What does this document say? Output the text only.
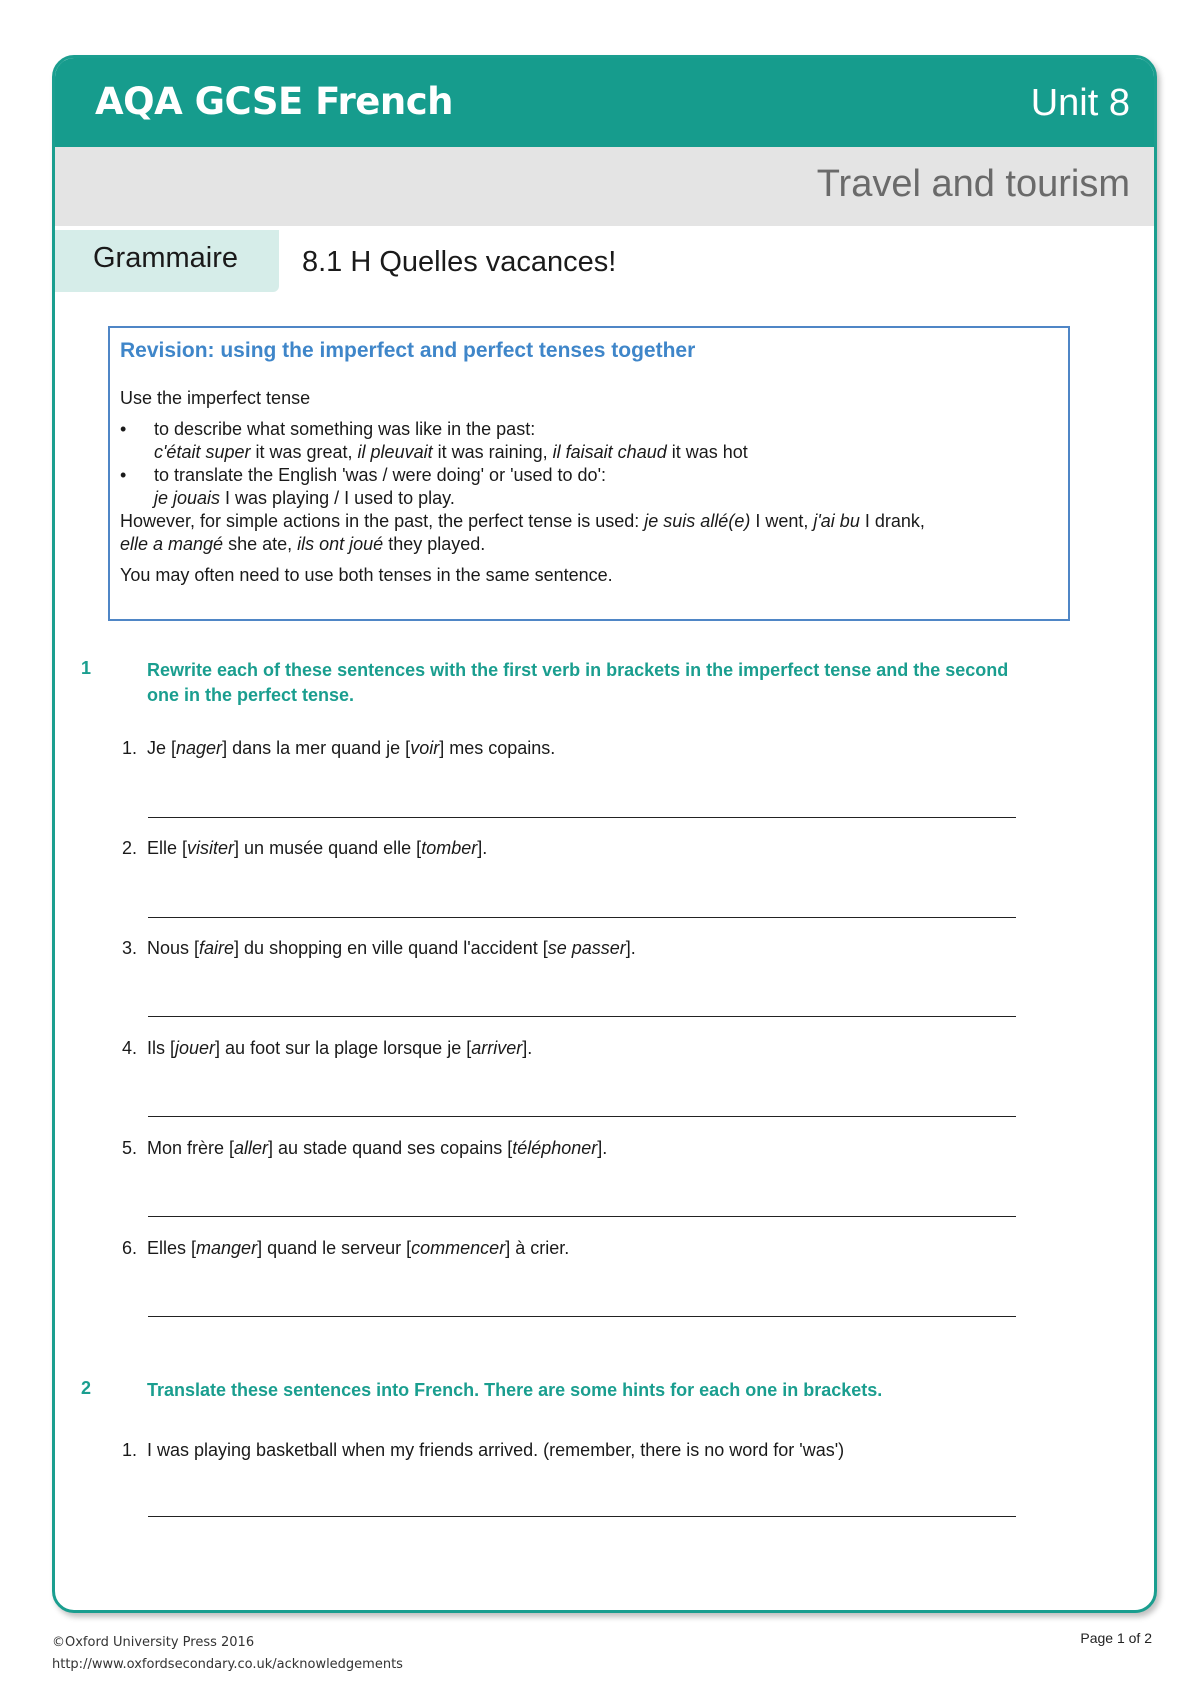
AQA GCSE French	Unit 8
Travel and tourism
Grammaire 8.1 H Quelles vacances!
Revision: using the imperfect and perfect tenses together

Use the imperfect tense

• to describe what something was like in the past:

c'était super it was great, il pleuvait it was raining, il faisait chaud it was hot

• to translate the English 'was / were doing' or 'used to do':

je jouais I was playing / I used to play.

However, for simple actions in the past, the perfect tense is used: je suis allé(e) I went, j'ai bu I drank,

elle a mangé she ate, ils ont joué they played.

You may often need to use both tenses in the same sentence.

1	Rewrite each of these sentences with the first verb in brackets in the imperfect tense and the second one in the perfect tense.
1. Je [nager] dans la mer quand je [voir] mes copains.
2. Elle [visiter] un musée quand elle [tomber].
3. Nous [faire] du shopping en ville quand l'accident [se passer].
4. Ils [jouer] au foot sur la plage lorsque je [arriver].
5. Mon frère [aller] au stade quand ses copains [téléphoner].
6. Elles [manger] quand le serveur [commencer] à crier.
2	Translate these sentences into French. There are some hints for each one in brackets.
1. I was playing basketball when my friends arrived. (remember, there is no word for 'was')
©Oxford University Press 2016
http://www.oxfordsecondary.co.uk/acknowledgements
Page 1 of 2
